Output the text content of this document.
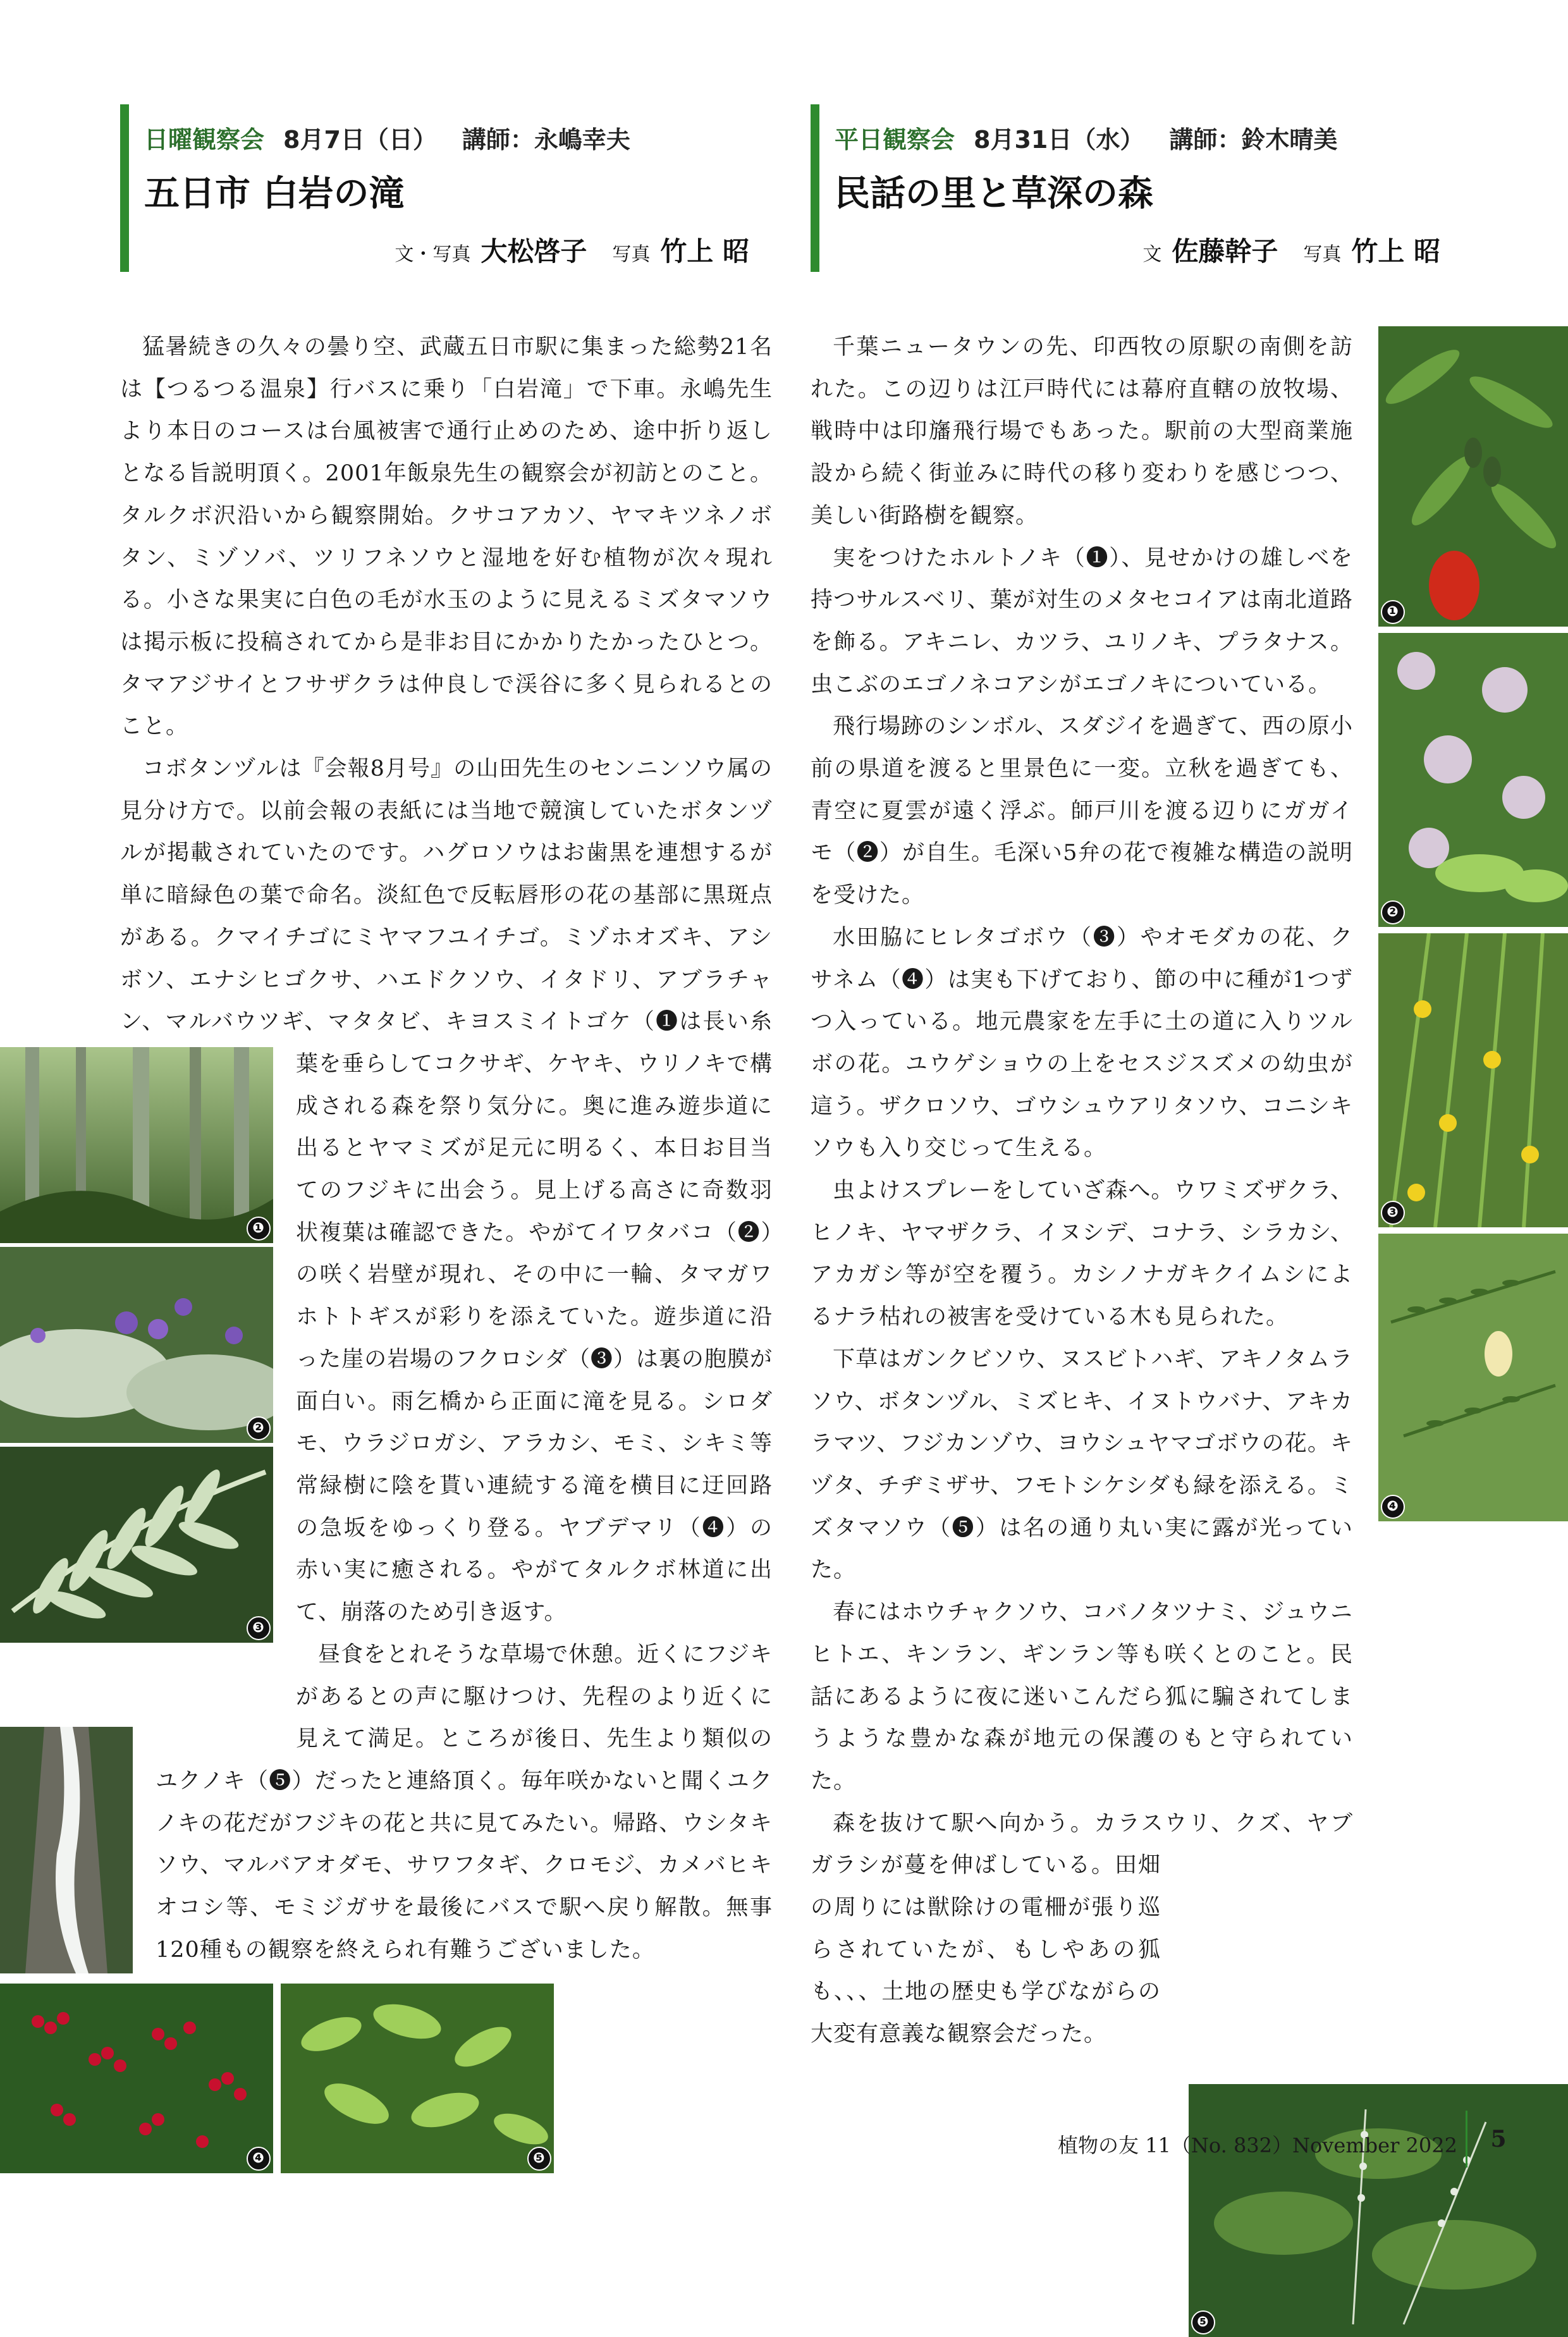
日曜観察会 8月7日（日） 講師：永嶋幸夫
五日市 白岩の滝
文・写真 大松啓子 写真 竹上 昭
平日観察会 8月31日（水） 講師：鈴木晴美
民話の里と草深の森
文 佐藤幹子 写真 竹上 昭
❶
❷
❸
❹	❺

猛暑続きの久々の曇り空、武蔵五日市駅に集まった総勢21名は【つるつる温泉】行バスに乗り「白岩滝」で下車。永嶋先生より本日のコースは台風被害で通行止めのため、途中折り返しとなる旨説明頂く。2001年飯泉先生の観察会が初訪とのこと。タルクボ沢沿いから観察開始。クサコアカソ、ヤマキツネノボタン、ミゾソバ、ツリフネソウと湿地を好む植物が次々現れる。小さな果実に白色の毛が水玉のように見えるミズタマソウは掲示板に投稿されてから是非お目にかかりたかったひとつ。タマアジサイとフサザクラは仲良しで渓谷に多く見られるとのこと。

コボタンヅルは『会報8月号』の山田先生のセンニンソウ属の見分け方で。以前会報の表紙には当地で競演していたボタンヅルが掲載されていたのです。ハグロソウはお歯黒を連想するが単に暗緑色の葉で命名。淡紅色で反転唇形の花の基部に黒斑点がある。クマイチゴにミヤマフユイチゴ。ミゾホオズキ、アシボソ、エナシヒゴクサ、ハエドクソウ、イタドリ、アブラチャン、マルバウツギ、マタタビ、キヨスミイトゴケ（❶は長い糸葉を垂らしてコクサギ、ケヤキ、ウリノキで構成される森を祭り気分に。奥に進み遊歩道に出るとヤマミズが足元に明るく、本日お目当てのフジキに出会う。見上げる高さに奇数羽状複葉は確認できた。やがてイワタバコ（❷）の咲く岩壁が現れ、その中に一輪、タマガワホトトギスが彩りを添えていた。遊歩道に沿った崖の岩場のフクロシダ（❸）は裏の胞膜が面白い。雨乞橋から正面に滝を見る。シロダモ、ウラジロガシ、アラカシ、モミ、シキミ等常緑樹に陰を貰い連続する滝を横目に迂回路の急坂をゆっくり登る。ヤブデマリ（❹）の赤い実に癒される。やがてタルクボ林道に出て、崩落のため引き返す。

昼食をとれそうな草場で休憩。近くにフジキがあるとの声に駆けつけ、先程のより近くに見えて満足。ところが後日、先生より類似のユクノキ（❺）だったと連絡頂く。毎年咲かないと聞くユクノキの花だがフジキの花と共に見てみたい。帰路、ウシタキソウ、マルバアオダモ、サワフタギ、クロモジ、カメバヒキオコシ等、モミジガサを最後にバスで駅へ戻り解散。無事120種もの観察を終えられ有難うございました。

❶
❷
❸
❹
❺

千葉ニュータウンの先、印西牧の原駅の南側を訪れた。この辺りは江戸時代には幕府直轄の放牧場、戦時中は印旛飛行場でもあった。駅前の大型商業施設から続く街並みに時代の移り変わりを感じつつ、美しい街路樹を観察。

実をつけたホルトノキ（❶）、見せかけの雄しべを持つサルスベリ、葉が対生のメタセコイアは南北道路を飾る。アキニレ、カツラ、ユリノキ、プラタナス。虫こぶのエゴノネコアシがエゴノキについている。

飛行場跡のシンボル、スダジイを過ぎて、西の原小前の県道を渡ると里景色に一変。立秋を過ぎても、青空に夏雲が遠く浮ぶ。師戸川を渡る辺りにガガイモ（❷）が自生。毛深い5弁の花で複雑な構造の説明を受けた。

水田脇にヒレタゴボウ（❸）やオモダカの花、クサネム（❹）は実も下げており、節の中に種が1つずつ入っている。地元農家を左手に土の道に入りツルボの花。ユウゲショウの上をセスジスズメの幼虫が這う。ザクロソウ、ゴウシュウアリタソウ、コニシキソウも入り交じって生える。

虫よけスプレーをしていざ森へ。ウワミズザクラ、ヒノキ、ヤマザクラ、イヌシデ、コナラ、シラカシ、アカガシ等が空を覆う。カシノナガキクイムシによるナラ枯れの被害を受けている木も見られた。

下草はガンクビソウ、ヌスビトハギ、アキノタムラソウ、ボタンヅル、ミズヒキ、イヌトウバナ、アキカラマツ、フジカンゾウ、ヨウシュヤマゴボウの花。キヅタ、チヂミザサ、フモトシケシダも緑を添える。ミズタマソウ（❺）は名の通り丸い実に露が光っていた。

春にはホウチャクソウ、コバノタツナミ、ジュウニヒトエ、キンラン、ギンラン等も咲くとのこと。民話にあるように夜に迷いこんだら狐に騙されてしまうような豊かな森が地元の保護のもと守られていた。

森を抜けて駅へ向かう。カラスウリ、クズ、ヤブガラシが蔓を伸ばしている。田畑の周りには獣除けの電柵が張り巡らされていたが、もしやあの狐も、、、土地の歴史も学びながらの大変有意義な観察会だった。

植物の友 11（No. 832）November 2022	5
